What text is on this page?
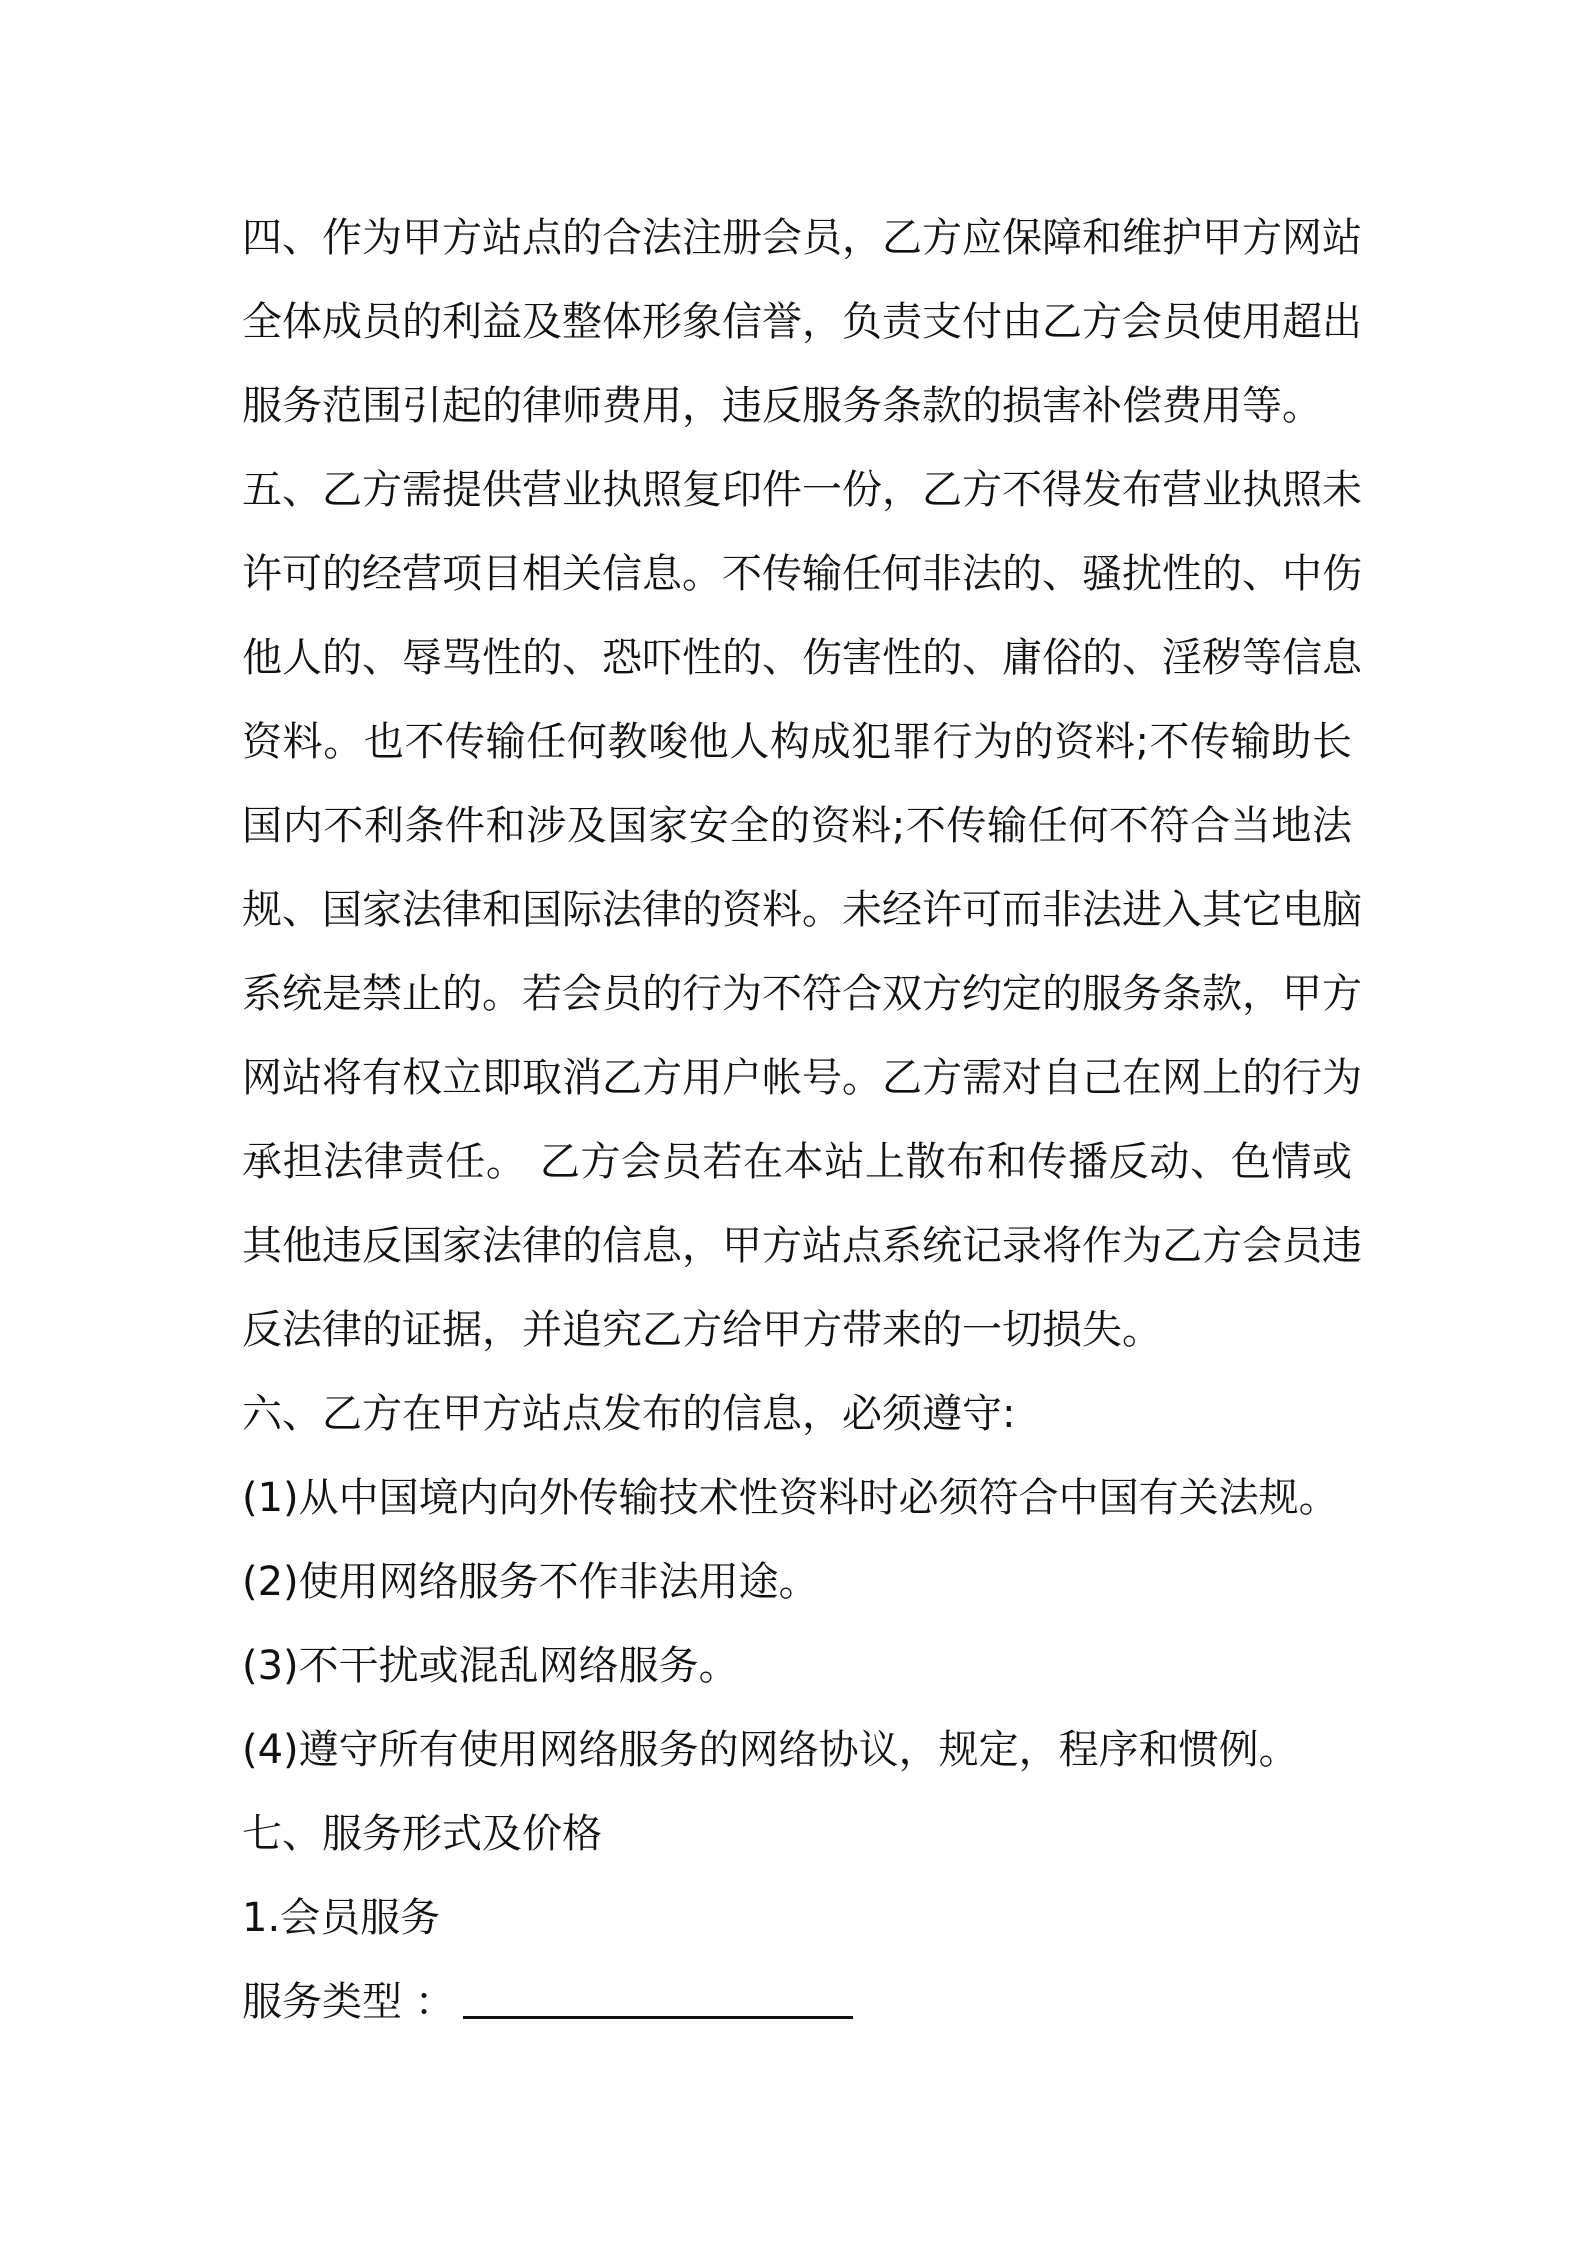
四、作为甲方站点的合法注册会员，乙方应保障和维护甲方网站
全体成员的利益及整体形象信誉，负责支付由乙方会员使用超出
服务范围引起的律师费用，违反服务条款的损害补偿费用等。
五、乙方需提供营业执照复印件一份，乙方不得发布营业执照未
许可的经营项目相关信息。不传输任何非法的、骚扰性的、中伤
他人的、辱骂性的、恐吓性的、伤害性的、庸俗的、淫秽等信息
资料。也不传输任何教唆他人构成犯罪行为的资料;不传输助长
国内不利条件和涉及国家安全的资料;不传输任何不符合当地法
规、国家法律和国际法律的资料。未经许可而非法进入其它电脑
系统是禁止的。若会员的行为不符合双方约定的服务条款，甲方
网站将有权立即取消乙方用户帐号。乙方需对自己在网上的行为
承担法律责任。 乙方会员若在本站上散布和传播反动、色情或
其他违反国家法律的信息，甲方站点系统记录将作为乙方会员违
反法律的证据，并追究乙方给甲方带来的一切损失。
六、乙方在甲方站点发布的信息，必须遵守:
(1)从中国境内向外传输技术性资料时必须符合中国有关法规。
(2)使用网络服务不作非法用途。
(3)不干扰或混乱网络服务。
(4)遵守所有使用网络服务的网络协议，规定，程序和惯例。
七、服务形式及价格
1.会员服务
服务类型 ：
